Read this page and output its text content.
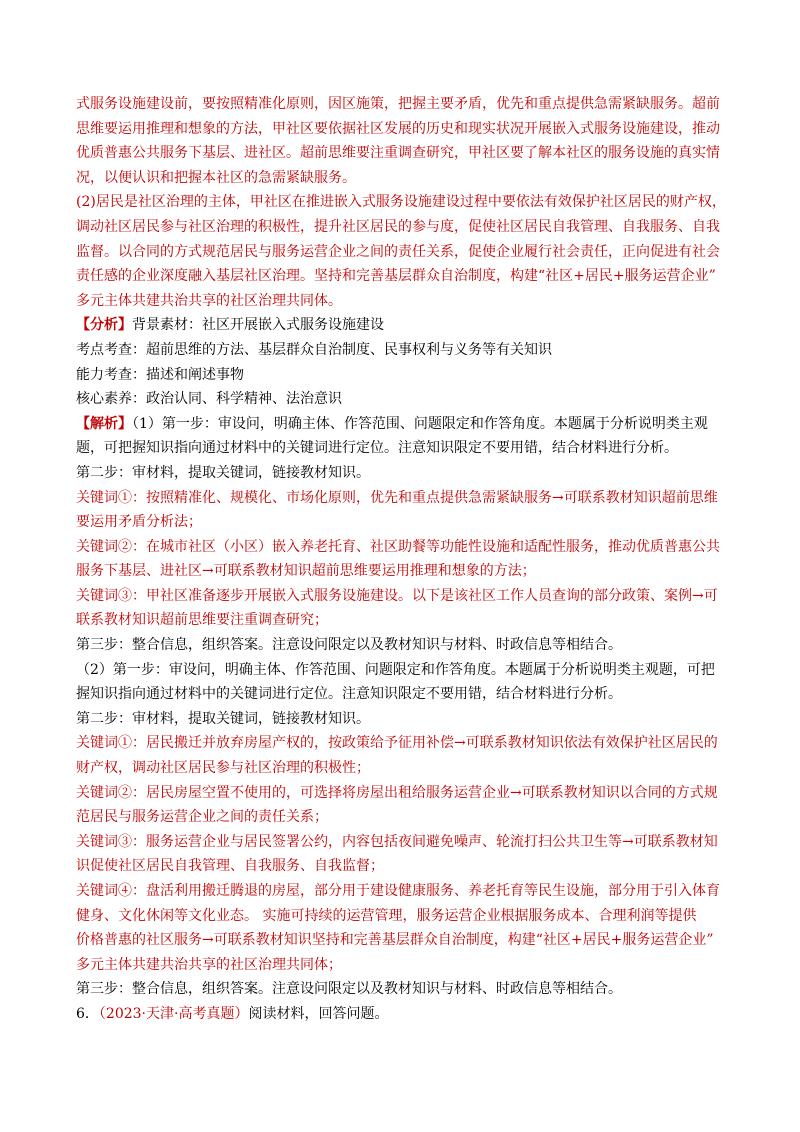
式服务设施建设前，要按照精准化原则，因区施策，把握主要矛盾，优先和重点提供急需紧缺服务。超前
思维要运用推理和想象的方法，甲社区要依据社区发展的历史和现实状况开展嵌入式服务设施建设，推动
优质普惠公共服务下基层、进社区。超前思维要注重调查研究，甲社区要了解本社区的服务设施的真实情
况，以便认识和把握本社区的急需紧缺服务。
(2)居民是社区治理的主体，甲社区在推进嵌入式服务设施建设过程中要依法有效保护社区居民的财产权，
调动社区居民参与社区治理的积极性，提升社区居民的参与度，促使社区居民自我管理、自我服务、自我
监督。以合同的方式规范居民与服务运营企业之间的责任关系，促使企业履行社会责任，正向促进有社会
责任感的企业深度融入基层社区治理。坚持和完善基层群众自治制度，构建“社区+居民+服务运营企业”
多元主体共建共治共享的社区治理共同体。
【分析】背景素材：社区开展嵌入式服务设施建设
考点考查：超前思维的方法、基层群众自治制度、民事权利与义务等有关知识
能力考查：描述和阐述事物
核心素养：政治认同、科学精神、法治意识
【解析】（1）第一步：审设问，明确主体、作答范围、问题限定和作答角度。本题属于分析说明类主观
题，可把握知识指向通过材料中的关键词进行定位。注意知识限定不要用错，结合材料进行分析。
第二步：审材料，提取关键词，链接教材知识。
关键词①：按照精准化、规模化、市场化原则，优先和重点提供急需紧缺服务→可联系教材知识超前思维
要运用矛盾分析法；
关键词②：在城市社区（小区）嵌入养老托育、社区助餐等功能性设施和适配性服务，推动优质普惠公共
服务下基层、进社区→可联系教材知识超前思维要运用推理和想象的方法；
关键词③：甲社区准备逐步开展嵌入式服务设施建设。以下是该社区工作人员查询的部分政策、案例→可
联系教材知识超前思维要注重调查研究；
第三步：整合信息，组织答案。注意设问限定以及教材知识与材料、时政信息等相结合。
（2）第一步：审设问，明确主体、作答范围、问题限定和作答角度。本题属于分析说明类主观题，可把
握知识指向通过材料中的关键词进行定位。注意知识限定不要用错，结合材料进行分析。
第二步：审材料，提取关键词，链接教材知识。
关键词①：居民搬迁并放弃房屋产权的，按政策给予征用补偿→可联系教材知识依法有效保护社区居民的
财产权，调动社区居民参与社区治理的积极性；
关键词②：居民房屋空置不使用的，可选择将房屋出租给服务运营企业→可联系教材知识以合同的方式规
范居民与服务运营企业之间的责任关系；
关键词③：服务运营企业与居民签署公约，内容包括夜间避免噪声、轮流打扫公共卫生等→可联系教材知
识促使社区居民自我管理、自我服务、自我监督；
关键词④：盘活利用搬迁腾退的房屋，部分用于建设健康服务、养老托育等民生设施，部分用于引入体育
健身、文化休闲等文化业态。 实施可持续的运营管理，服务运营企业根据服务成本、合理利润等提供
价格普惠的社区服务→可联系教材知识坚持和完善基层群众自治制度，构建“社区+居民+服务运营企业”
多元主体共建共治共享的社区治理共同体；
第三步：整合信息，组织答案。注意设问限定以及教材知识与材料、时政信息等相结合。
6．（2023·天津·高考真题）阅读材料，回答问题。
